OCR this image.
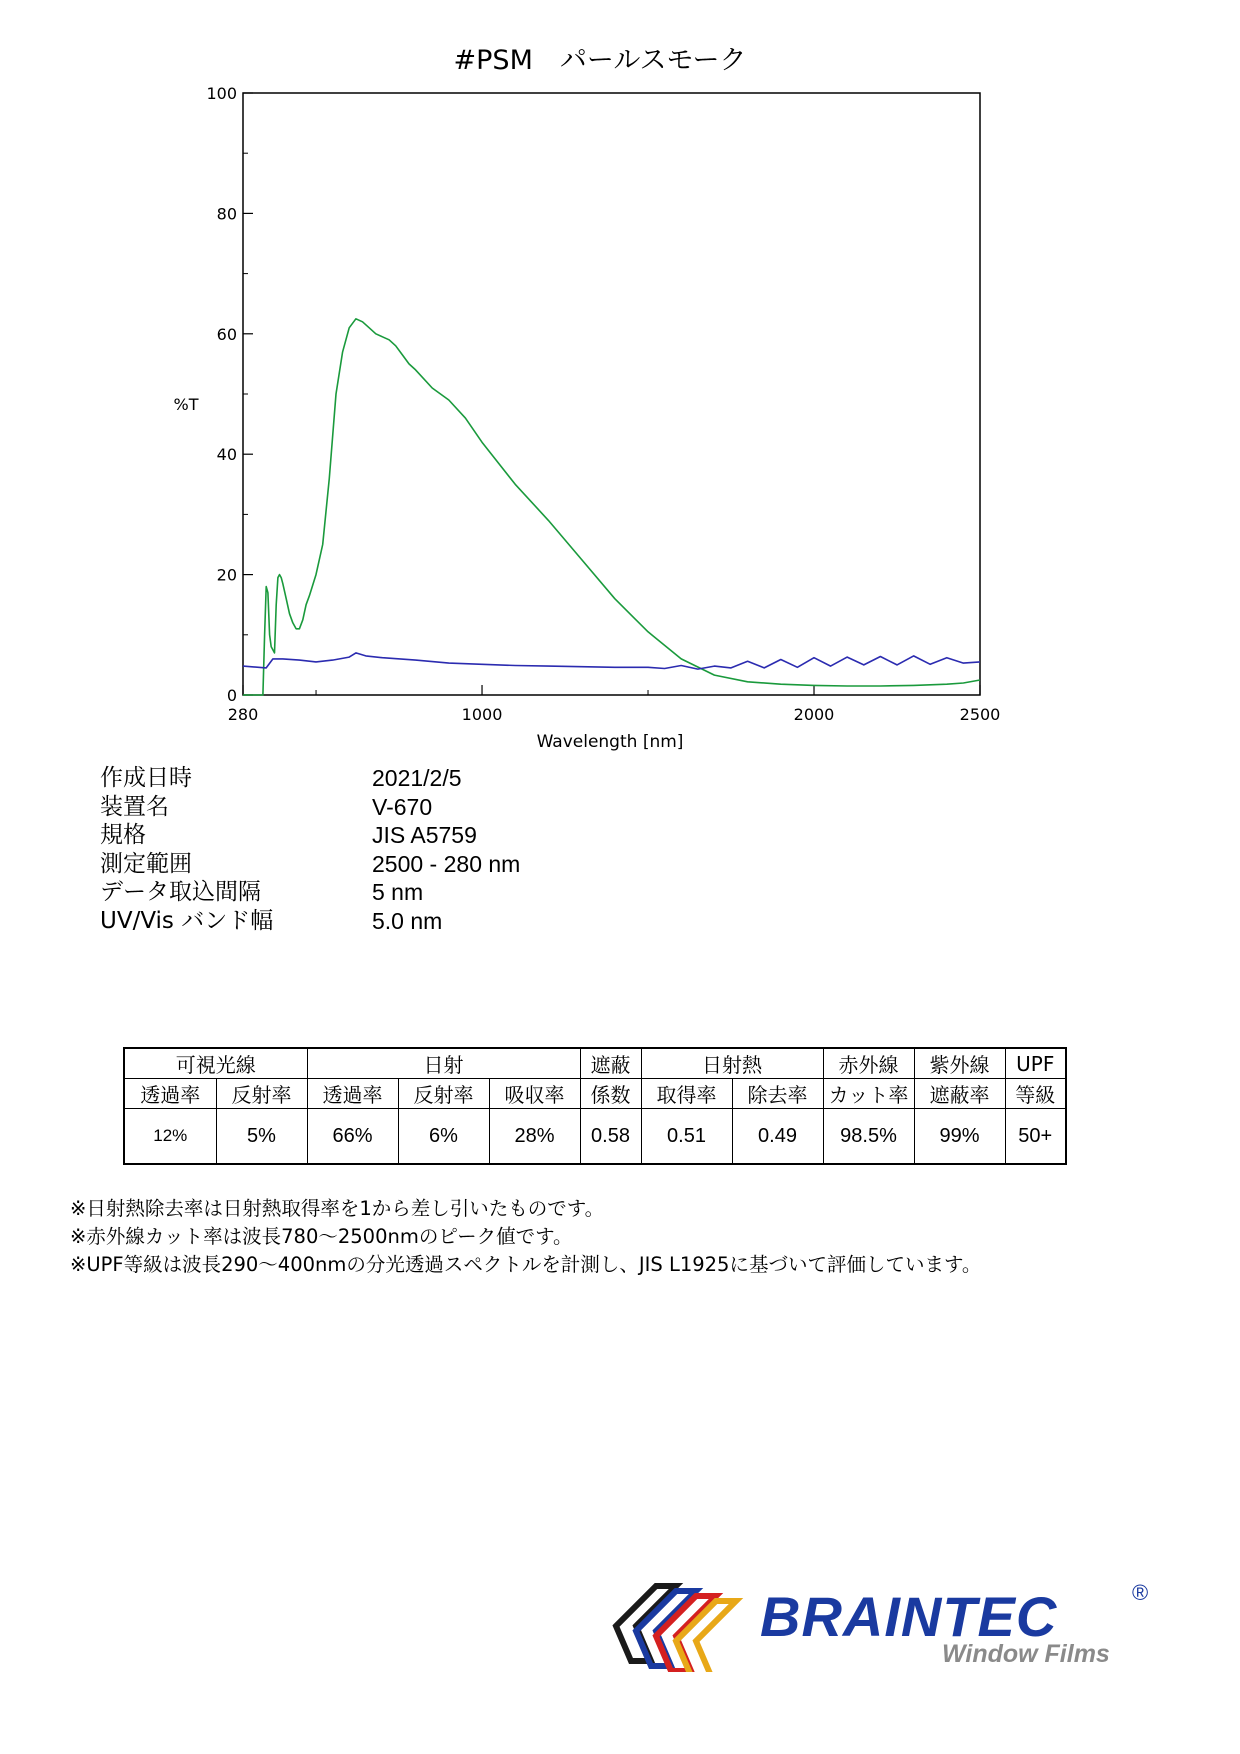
#PSM　パールスモーク
0
20
40
60
80
100
280	1000	2000	2500
Wavelength [nm]
%T
作成日時	2021/2/5
装置名	V-670
規格	JIS A5759
測定範囲	2500 - 280 nm
データ取込間隔	5 nm
UV/Vis バンド幅	5.0 nm
可視光線		日射			遮蔽	日射熱		赤外線	紫外線	UPF
透過率	反射率	透過率	反射率	吸収率	係数	取得率	除去率	カット率	遮蔽率	等級
12%	5%	66%	6%	28%	0.58	0.51	0.49	98.5%	99%	50+
※日射熱除去率は日射熱取得率を1から差し引いたものです。
※赤外線カット率は波長780～2500nmのピーク値です。
※UPF等級は波長290～400nmの分光透過スペクトルを計測し、JIS L1925に基づいて評価しています。
BRAINTEC	®
Window Films
